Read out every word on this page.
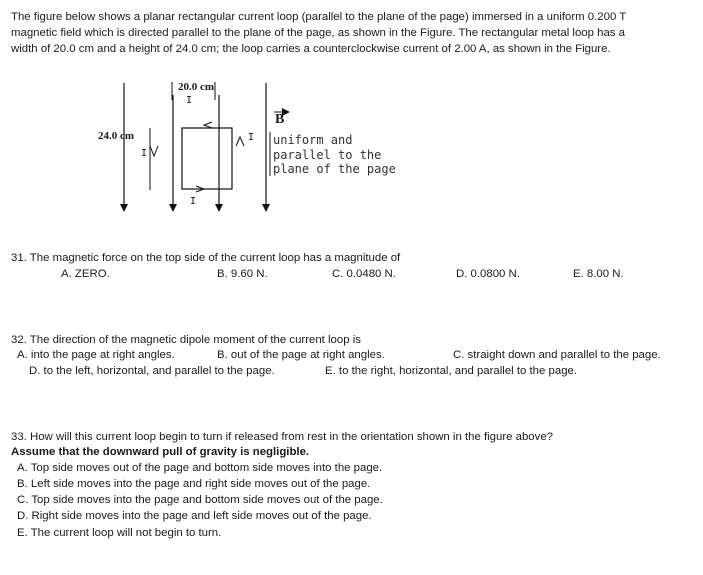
The figure below shows a planar rectangular current loop (parallel to the plane of the page) immersed in a uniform 0.200 T
magnetic field which is directed parallel to the plane of the page, as shown in the Figure. The rectangular metal loop has a
width of 20.0 cm and a height of 24.0 cm; the loop carries a counterclockwise current of 2.00 A, as shown in the Figure.
20.0 cm
I
24.0 cm
I
I
I
B
uniform and
parallel to the
plane of the page
31. The magnetic force on the top side of the current loop has a magnitude of
A. ZERO.	B. 9.60 N.	C. 0.0480 N.	D. 0.0800 N.	E. 8.00 N.
32. The direction of the magnetic dipole moment of the current loop is
A. into the page at right angles.	B. out of the page at right angles.	C. straight down and parallel to the page.
D. to the left, horizontal, and parallel to the page.	E. to the right, horizontal, and parallel to the page.
33. How will this current loop begin to turn if released from rest in the orientation shown in the figure above?
Assume that the downward pull of gravity is negligible.
A. Top side moves out of the page and bottom side moves into the page.
B. Left side moves into the page and right side moves out of the page.
C. Top side moves into the page and bottom side moves out of the page.
D. Right side moves into the page and left side moves out of the page.
E. The current loop will not begin to turn.
